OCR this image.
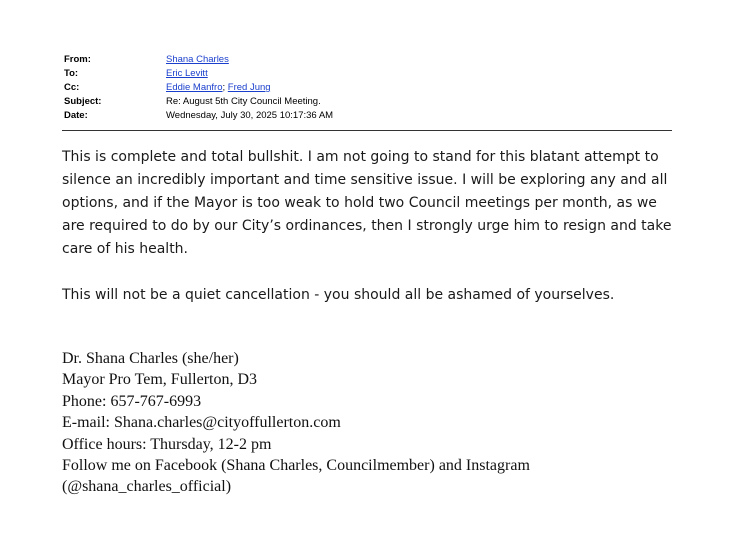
From:	Shana Charles
To:	Eric Levitt
Cc:	Eddie Manfro; Fred Jung
Subject:	Re: August 5th City Council Meeting.
Date:	Wednesday, July 30, 2025 10:17:36 AM

This is complete and total bullshit. I am not going to stand for this blatant attempt to silence an incredibly important and time sensitive issue. I will be exploring any and all options, and if the Mayor is too weak to hold two Council meetings per month, as we are required to do by our City’s ordinances, then I strongly urge him to resign and take care of his health.

This will not be a quiet cancellation - you should all be ashamed of yourselves.
Dr. Shana Charles (she/her)
Mayor Pro Tem, Fullerton, D3
Phone: 657-767-6993
E-mail: Shana.charles@cityoffullerton.com
Office hours: Thursday, 12-2 pm
Follow me on Facebook (Shana Charles, Councilmember) and Instagram
(@shana_charles_official)
